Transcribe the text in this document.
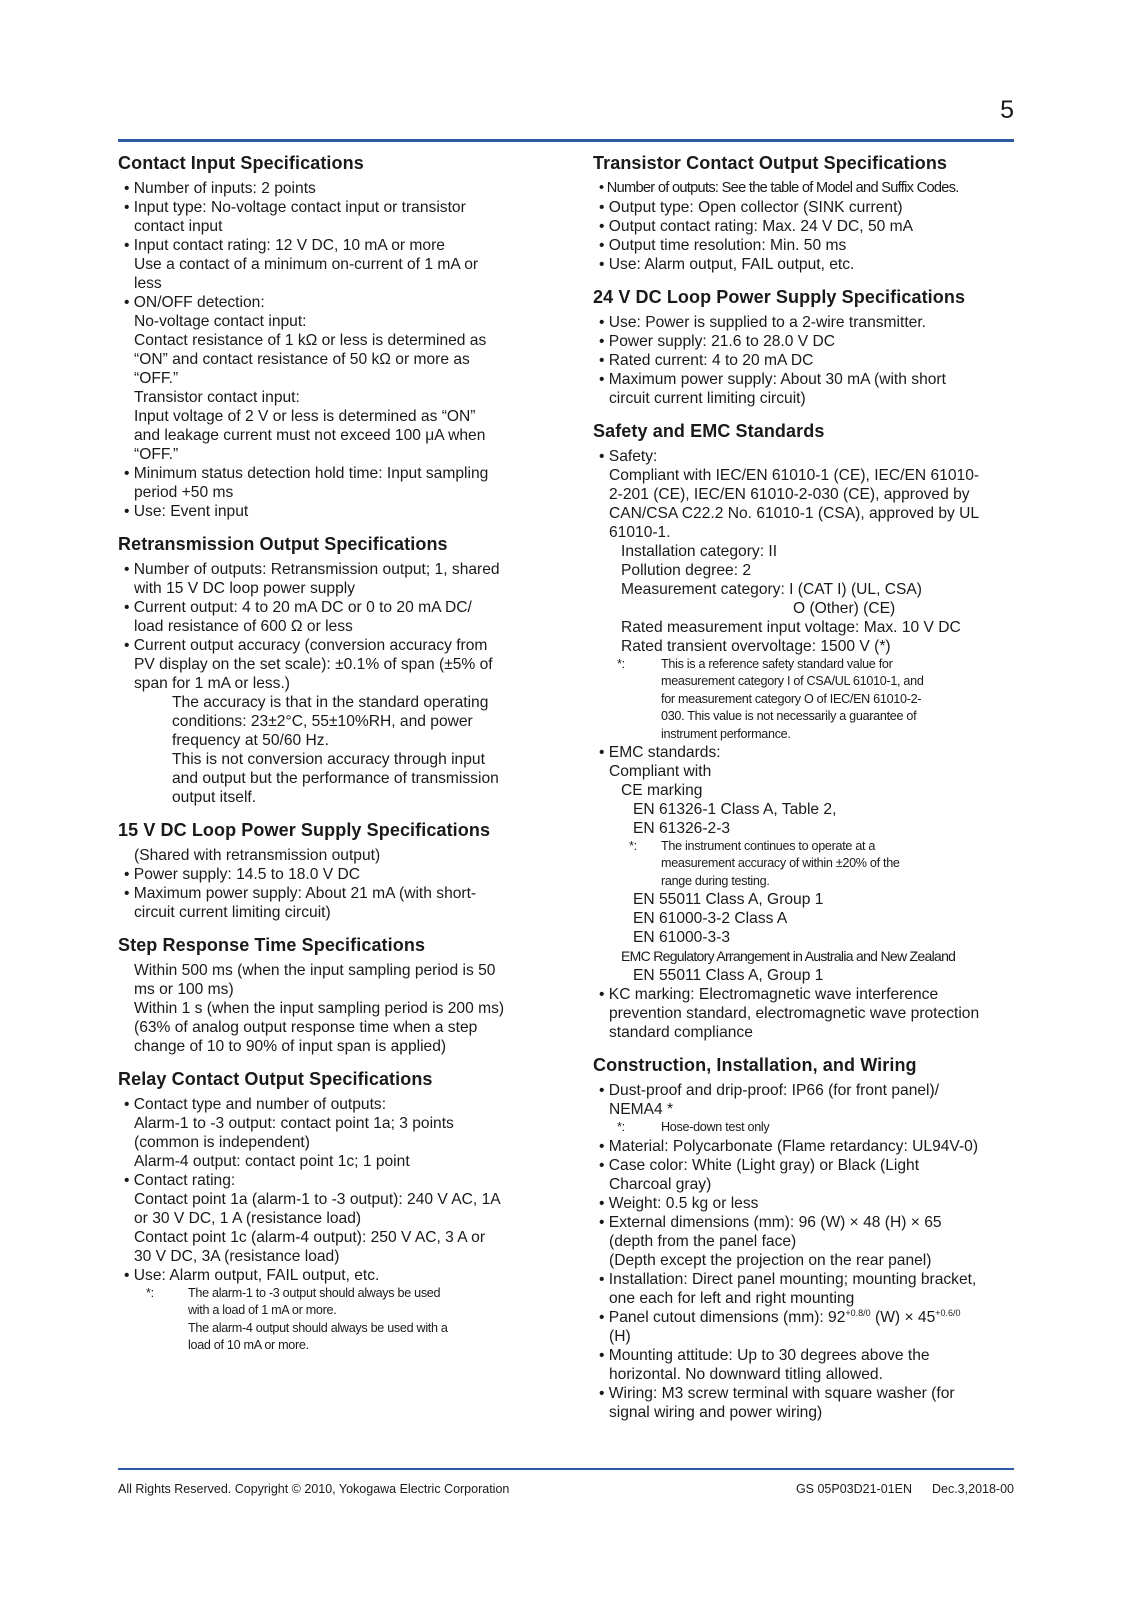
5
Contact Input Specifications

• Number of inputs: 2 points

• Input type: No-voltage contact input or transistor

contact input

• Input contact rating: 12 V DC, 10 mA or more

Use a contact of a minimum on-current of 1 mA or

less

• ON/OFF detection:

No-voltage contact input:

Contact resistance of 1 kΩ or less is determined as

“ON” and contact resistance of 50 kΩ or more as

“OFF.”

Transistor contact input:

Input voltage of 2 V or less is determined as “ON”

and leakage current must not exceed 100 μA when

“OFF.”

• Minimum status detection hold time: Input sampling

period +50 ms

• Use: Event input

Retransmission Output Specifications

• Number of outputs: Retransmission output; 1, shared

with 15 V DC loop power supply

• Current output: 4 to 20 mA DC or 0 to 20 mA DC/

load resistance of 600 Ω or less

• Current output accuracy (conversion accuracy from

PV display on the set scale): ±0.1% of span (±5% of

span for 1 mA or less.)

The accuracy is that in the standard operating

conditions: 23±2°C, 55±10%RH, and power

frequency at 50/60 Hz.

This is not conversion accuracy through input

and output but the performance of transmission

output itself.

15 V DC Loop Power Supply Specifications

(Shared with retransmission output)

• Power supply: 14.5 to 18.0 V DC

• Maximum power supply: About 21 mA (with short-

circuit current limiting circuit)

Step Response Time Specifications

Within 500 ms (when the input sampling period is 50

ms or 100 ms)

Within 1 s (when the input sampling period is 200 ms)

(63% of analog output response time when a step

change of 10 to 90% of input span is applied)

Relay Contact Output Specifications

• Contact type and number of outputs:

Alarm-1 to -3 output: contact point 1a; 3 points

(common is independent)

Alarm-4 output: contact point 1c; 1 point

• Contact rating:

Contact point 1a (alarm-1 to -3 output): 240 V AC, 1A

or 30 V DC, 1 A (resistance load)

Contact point 1c (alarm-4 output): 250 V AC, 3 A or

30 V DC, 3A (resistance load)

• Use: Alarm output, FAIL output, etc.

*:	The alarm-1 to -3 output should always be used
with a load of 1 mA or more.
The alarm-4 output should always be used with a
load of 10 mA or more.
Transistor Contact Output Specifications

• Number of outputs: See the table of Model and Suffix Codes.

• Output type: Open collector (SINK current)

• Output contact rating: Max. 24 V DC, 50 mA

• Output time resolution: Min. 50 ms

• Use: Alarm output, FAIL output, etc.

24 V DC Loop Power Supply Specifications

• Use: Power is supplied to a 2-wire transmitter.

• Power supply: 21.6 to 28.0 V DC

• Rated current: 4 to 20 mA DC

• Maximum power supply: About 30 mA (with short

circuit current limiting circuit)

Safety and EMC Standards

• Safety:

Compliant with IEC/EN 61010-1 (CE), IEC/EN 61010-

2-201 (CE), IEC/EN 61010-2-030 (CE), approved by

CAN/CSA C22.2 No. 61010-1 (CSA), approved by UL

61010-1.

Installation category: II

Pollution degree: 2

Measurement category: I (CAT I) (UL, CSA)

O (Other) (CE)

Rated measurement input voltage: Max. 10 V DC

Rated transient overvoltage: 1500 V (*)

*:	This is a reference safety standard value for
measurement category I of CSA/UL 61010-1, and
for measurement category O of IEC/EN 61010-2-
030. This value is not necessarily a guarantee of
instrument performance.

• EMC standards:

Compliant with

CE marking

EN 61326-1 Class A, Table 2,

EN 61326-2-3

*:	The instrument continues to operate at a
measurement accuracy of within ±20% of the
range during testing.

EN 55011 Class A, Group 1

EN 61000-3-2 Class A

EN 61000-3-3

EMC Regulatory Arrangement in Australia and New Zealand

EN 55011 Class A, Group 1

• KC marking: Electromagnetic wave interference

prevention standard, electromagnetic wave protection

standard compliance

Construction, Installation, and Wiring

• Dust-proof and drip-proof: IP66 (for front panel)/

NEMA4 *

*:	Hose-down test only

• Material: Polycarbonate (Flame retardancy: UL94V-0)

• Case color: White (Light gray) or Black (Light

Charcoal gray)

• Weight: 0.5 kg or less

• External dimensions (mm): 96 (W) × 48 (H) × 65

(depth from the panel face)

(Depth except the projection on the rear panel)

• Installation: Direct panel mounting; mounting bracket,

one each for left and right mounting

• Panel cutout dimensions (mm): $92^{+0.8/0}$ $(W) \times 45^{+0.6/0}$

(H)

• Mounting attitude: Up to 30 degrees above the

horizontal. No downward titling allowed.

• Wiring: M3 screw terminal with square washer (for

signal wiring and power wiring)

All Rights Reserved. Copyright © 2010, Yokogawa Electric Corporation	GS 05P03D21-01EN Dec.3,2018-00
